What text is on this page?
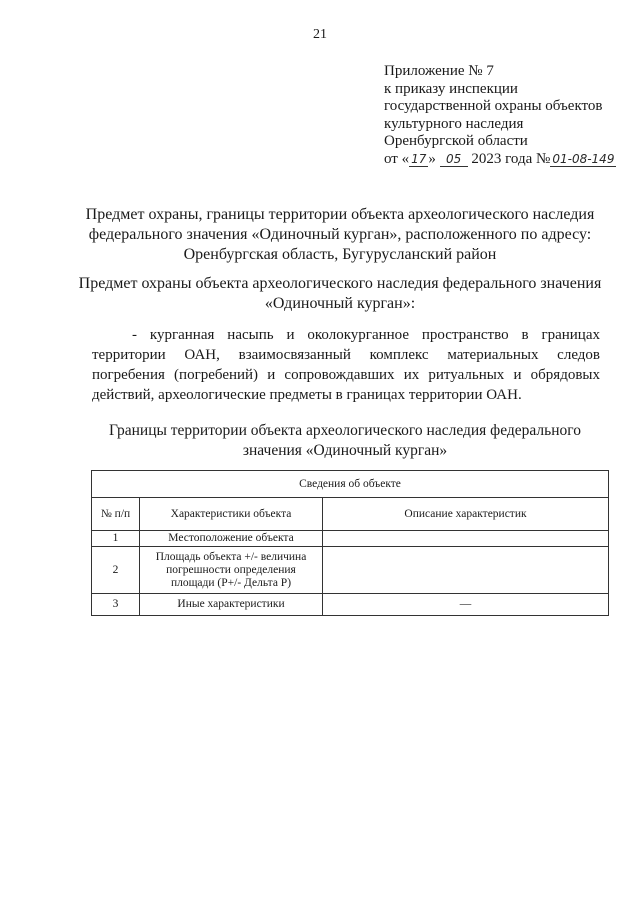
21
Приложение № 7
к приказу инспекции
государственной охраны объектов
культурного наследия
Оренбургской области
от « 17 » 05 2023 года № 01-08-149
Предмет охраны, границы территории объекта археологического наследия
федерального значения «Одиночный курган», расположенного по адресу:
Оренбургская область, Бугурусланский район
Предмет охраны объекта археологического наследия федерального значения
«Одиночный курган»:
- курганная насыпь и околокурганное пространство в границах территории ОАН, взаимосвязанный комплекс материальных следов погребения (погребений) и сопровождавших их ритуальных и обрядовых действий, археологические предметы в границах территории ОАН.
Границы территории объекта археологического наследия федерального
значения «Одиночный курган»
Сведения об объекте		
№ п/п	Характеристики объекта	Описание характеристик
1	Местоположение объекта	
2	Площадь объекта +/- величина погрешности определения площади (P+/- Дельта P)	
3	Иные характеристики	—
